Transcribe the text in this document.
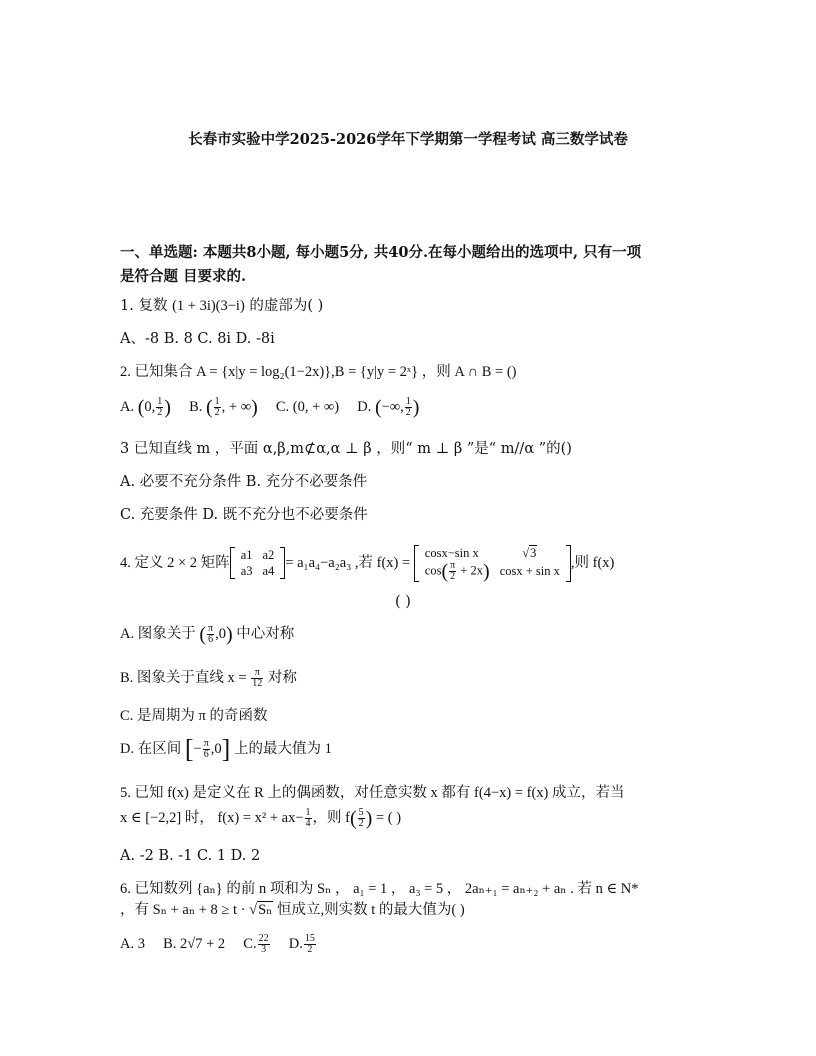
长春市实验中学2025-2026学年下学期第一学程考试 高三数学试卷
一、单选题: 本题共8小题, 每小题5分, 共40分.在每小题给出的选项中, 只有一项
是符合题 目要求的.
1. 复数 (1 + 3i)(3−i) 的虚部为( )
A、-8 B. 8 C. 8i D. -8i
2. 已知集合 A = {x|y = log₂(1−2x)},B = {y|y = 2ˣ} ，则 A ∩ B = ()
A. (0, $\frac{1}{2}$ ) B. ( $\frac{1}{2}$ , + ∞) C. (0, + ∞) D. (−∞, $\frac{1}{2}$ )
3 已知直线 m ，平面 α,β,m⊄α,α ⊥ β ，则“ m ⊥ β ”是“ m//α ”的()
A. 必要不充分条件 B. 充分不必要条件
C. 充要条件 D. 既不充分也不必要条件
4.
定义 2 × 2 矩阵 a1	a2
a3	a4 = a₁a₄−a₂a₃ ,若 f(x) =

cosx−sin x	√3
$\cos( \frac{\pi}{2} + 2x)$	cosx + sin x ,则 f(x)
( )
A. 图象关于 ( $\frac{\pi}{6} ,0$) 中心对称
B. 图象关于直线 $x = \frac{\pi}{12}$ 对称
C. 是周期为 π 的奇函数
D. 在区间 [− $\frac{\pi}{6} ,0$] 上的最大值为 1
5. 已知 f(x) 是定义在 R 上的偶函数，对任意实数 x 都有 f(4−x) = f(x) 成立，若当
x ∈ [−2,2] 时， $f(x) = x^2 + ax- \frac{1}{4}$ ，则 $f( \frac{5}{2}$ ) = ( )
A. -2 B. -1 C. 1 D. 2
6. 已知数列 {aₙ} 的前 n 项和为 Sₙ ， a₁ = 1 ， a₃ = 5 ， 2aₙ₊₁ = aₙ₊₂ + aₙ . 若 n ∈ N*
，有 Sₙ + aₙ + 8 ≥ t · √Sₙ 恒成立,则实数 t 的最大值为( )
A. 3 B. 2√7 + 2 C. $\frac{22}{3} D$. $\frac{15}{2}$
